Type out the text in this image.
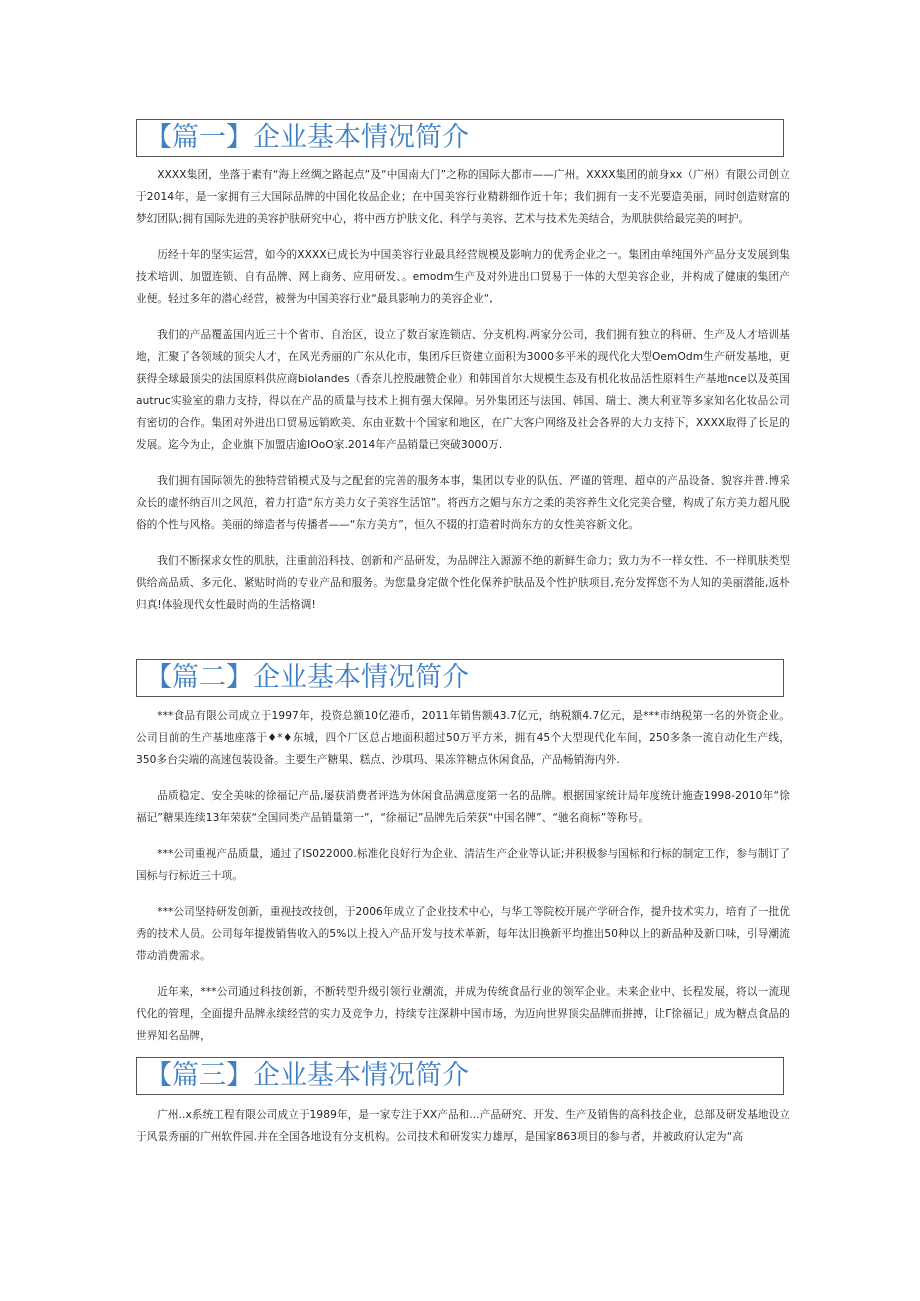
【篇一】企业基本情况简介

XXXX集团，坐落于素有“海上丝绸之路起点”及“中国南大门”之称的国际大都市——广州。XXXX集团的前身xx（广州）有限公司创立于2014年，是一家拥有三大国际品牌的中国化妆品企业；在中国美容行业精耕细作近十年；我们拥有一支不光要造美丽，同时创造财富的梦幻团队;拥有国际先进的美容护肤研究中心，将中西方护肤文化、科学与美容、艺术与技术先美结合，为肌肤供给最完美的呵护。

历经十年的坚实运营，如今的XXXX已成长为中国美容行业最具经营规模及影响力的优秀企业之一。集团由单纯国外产品分支发展到集技术培训、加盟连锁、自有品牌、网上商务、应用研发、。emodm生产及对外进出口贸易于一体的大型美容企业，并构成了健康的集团产业便。轻过多年的潜心经营，被誉为中国美容行业“最具影响力的美容企业“,

我们的产品覆盖国内近三十个省市、自治区，设立了数百家连锁店、分支机构.两家分公司，我们拥有独立的科研、生产及人才培训基地，汇聚了各领域的顶尖人才，在风光秀丽的广东从化市，集团斥巨资建立面积为3000多平米的现代化大型OemOdm生产研发基地，更获得全球最顶尖的法国原料供应商biolandes（香奈儿控股融赞企业）和韩国首尔大规模生态及有机化妆品活性原料生产基地nce以及英国autruc实验室的鼎力支持，得以在产品的质量与技术上拥有强大保障。另外集团还与法国、韩国、瑞士、澳大利亚等多家知名化妆品公司有密切的合作。集团对外进出口贸易远销欧美、东由亚数十个国家和地区，在广大客户网络及社会各界的大力支持下，XXXX取得了长足的发展。迄今为止，企业旗下加盟店逾IOoO家.2014年产品销量已突破3000万.

我们拥有国际领先的独特营销模式及与之配套的完善的服务本事，集团以专业的队伍、严谨的管理、超卓的产品设备、貌容并普.博采众长的虚怀纳百川之风范，着力打造“东方美力女子美容生活馆”。将西方之媚与东方之柔的美容养生文化完美合璧，构成了东方美力超凡脱俗的个性与风格。美丽的缔造者与传播者——“东方美方”，恒久不辍的打造着时尚东方的女性美容新文化。

我们不断探求女性的肌肤，注重前沿科技、创新和产品研发，为品牌注入源源不绝的新鲜生命力；致力为不一样女性、不一样肌肤类型供给高品质、多元化、紧贴时尚的专业产品和服务。为您量身定做个性化保养护肤品及个性护肤项目,充分发挥您不为人知的美丽潜能,返朴归真!体验现代女性最时尚的生活格调!

【篇二】企业基本情况简介

***食品有限公司成立于1997年，投资总额10亿港币，2011年销售额43.7亿元，纳税额4.7亿元，是***市纳税第一名的外资企业。公司目前的生产基地座落于♦*♦东城，四个厂区总占地面积超过50万平方米，拥有45个大型现代化车间，250多条一流自动化生产线，350多台尖端的高速包装设备。主要生产糖果、糕点、沙琪玛、果冻笄糖点休闲食品，产品畅销海内外.

品质稳定、安全美味的徐福记产品,屡获消费者评选为休闲食品满意度第一名的品牌。根据国家统计局年度统计施查1998-2010年“徐福记”糖果连续13年荣获“全国同类产品销量第一”，“徐福记”品牌先后荣获“中国名牌”、“驰名商标”等称号。

***公司重视产品质量，通过了IS022000.标准化良好行为企业、清洁生产企业等认证;并积极参与国标和行标的制定工作，参与制订了国标与行标近三十项。

***公司坚持研发创新，重视技改技创，于2006年成立了企业技术中心，与华工等院校开展产学研合作，提升技术实力，培育了一批优秀的技术人员。公司每年提拨销售收入的5%以上投入产品开发与技术革新，每年汰旧换新平均推出50种以上的新品种及新口味，引导潮流带动消费需求。

近年来，***公司通过科技创新，不断转型升级引领行业潮流，并成为传统食品行业的领军企业。未来企业中、长程发展，将以一流现代化的管理，全面提升品牌永续经营的实力及竞争力，持续专注深耕中国市场，为迈向世界顶尖品牌而拼搏，让Γ徐福记」成为糖点食品的世界知名品牌，

【篇三】企业基本情况简介

广州..x系统工程有限公司成立于1989年，是一家专注于XX产品和...产品研究、开发、生产及销售的高科技企业，总部及研发基地设立于风景秀丽的广州软件园.并在全国各地设有分支机构。公司技术和研发实力雄厚，是国家863项目的参与者，并被政府认定为“高
